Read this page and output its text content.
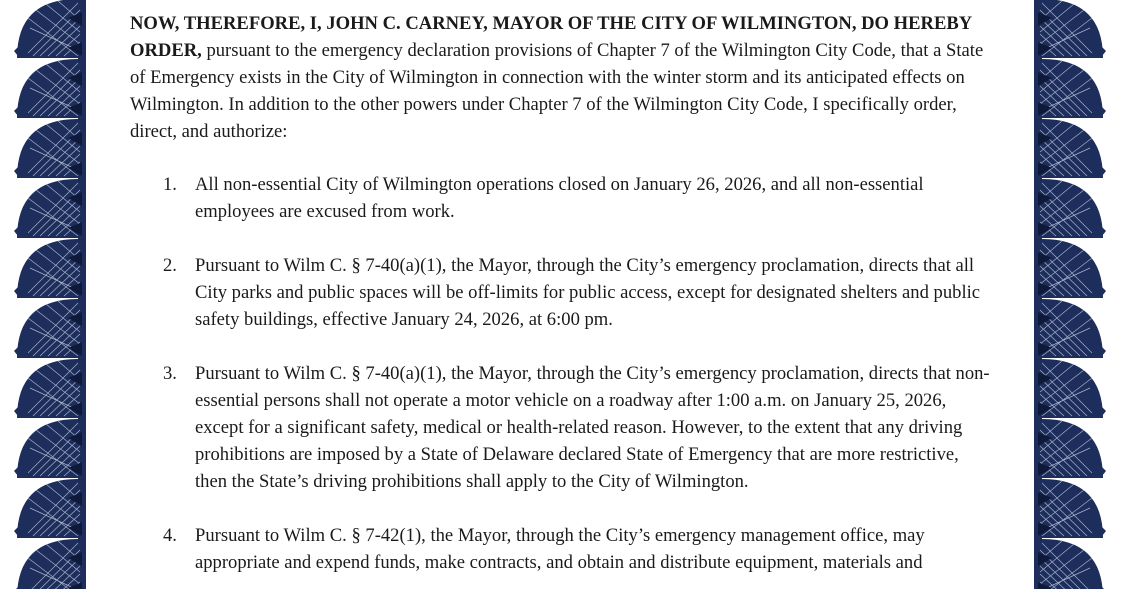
NOW, THEREFORE, I, JOHN C. CARNEY, MAYOR OF THE CITY OF WILMINGTON, DO HEREBY ORDER, pursuant to the emergency declaration provisions of Chapter 7 of the Wilmington City Code, that a State of Emergency exists in the City of Wilmington in connection with the winter storm and its anticipated effects on Wilmington. In addition to the other powers under Chapter 7 of the Wilmington City Code, I specifically order, direct, and authorize:

1. All non-essential City of Wilmington operations closed on January 26, 2026, and all non-essential employees are excused from work.
2. Pursuant to Wilm C. § 7-40(a)(1), the Mayor, through the City’s emergency proclamation, directs that all City parks and public spaces will be off-limits for public access, except for designated shelters and public safety buildings, effective January 24, 2026, at 6:00 pm.
3. Pursuant to Wilm C. § 7-40(a)(1), the Mayor, through the City’s emergency proclamation, directs that non-essential persons shall not operate a motor vehicle on a roadway after 1:00 a.m. on January 25, 2026, except for a significant safety, medical or health-related reason. However, to the extent that any driving prohibitions are imposed by a State of Delaware declared State of Emergency that are more restrictive, then the State’s driving prohibitions shall apply to the City of Wilmington.
4. Pursuant to Wilm C. § 7-42(1), the Mayor, through the City’s emergency management office, may appropriate and expend funds, make contracts, and obtain and distribute equipment, materials and
